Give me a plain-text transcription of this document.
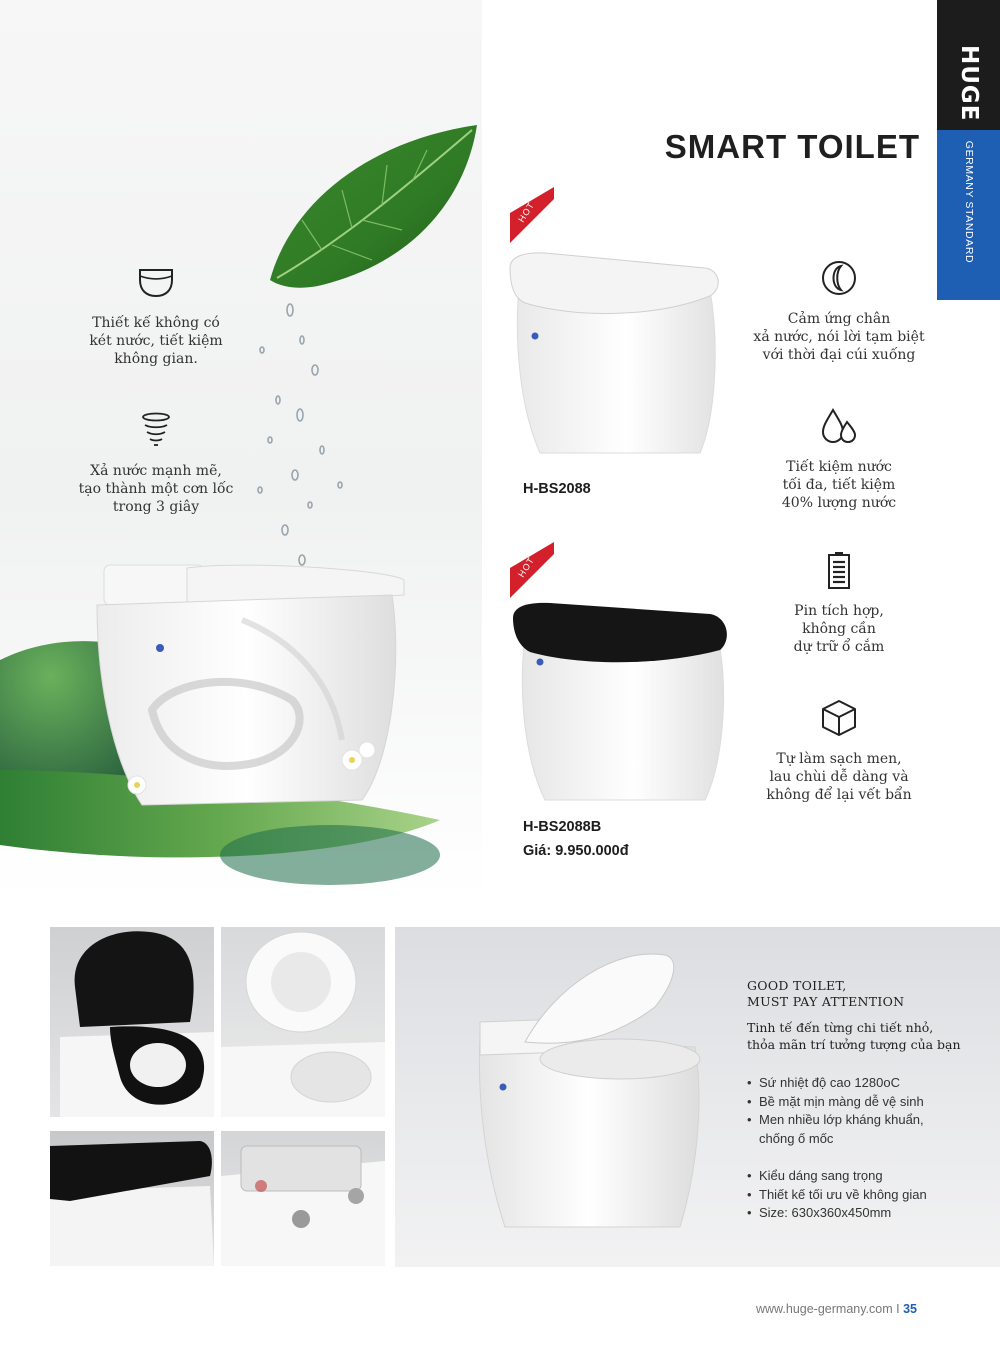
HUGE
GERMANY STANDARD
SMART TOILET
Thiết kế không có
két nước, tiết kiệm
không gian.
Xả nước mạnh mẽ,
tạo thành một cơn lốc
trong 3 giây
Cảm ứng chân
xả nước, nói lời tạm biệt
với thời đại cúi xuống
Tiết kiệm nước
tối đa, tiết kiệm
40% lượng nước
Pin tích hợp,
không cần
dự trữ ổ cắm
Tự làm sạch men,
lau chùi dễ dàng và
không để lại vết bẩn
HOT
H-BS2088
HOT
H-BS2088B
Giá: 9.950.000đ
GOOD TOILET,
MUST PAY ATTENTION
Tinh tế đến từng chi tiết nhỏ,
thỏa mãn trí tưởng tượng của bạn
• Sứ nhiệt độ cao 1280oC
• Bề mặt mịn màng dễ vệ sinh
• Men nhiều lớp kháng khuẩn,
chống ố mốc
• Kiểu dáng sang trọng
• Thiết kế tối ưu về không gian
• Size: 630x360x450mm
www.huge-germany.com I 35
